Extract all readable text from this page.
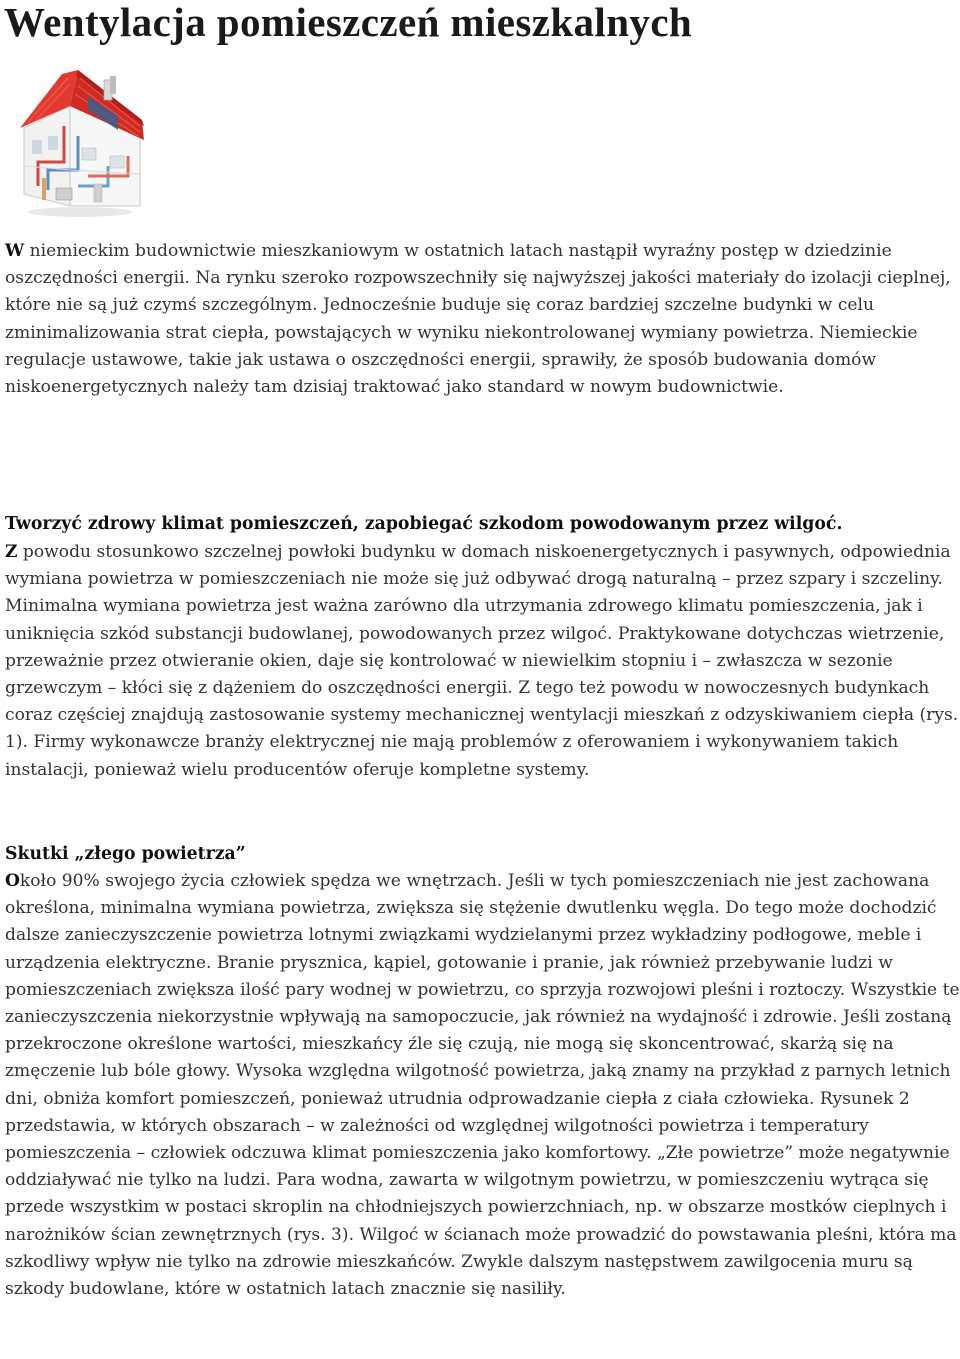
Wentylacja pomieszczeń mieszkalnych

W niemieckim budownictwie mieszkaniowym w ostatnich latach nastąpił wyraźny postęp w dziedzinie oszczędności energii. Na rynku szeroko rozpowszechniły się najwyższej jakości materiały do izolacji cieplnej, które nie są już czymś szczególnym. Jednocześnie buduje się coraz bardziej szczelne budynki w celu zminimalizowania strat ciepła, powstających w wyniku niekontrolowanej wymiany powietrza. Niemieckie regulacje ustawowe, takie jak ustawa o oszczędności energii, sprawiły, że sposób budowania domów niskoenergetycznych należy tam dzisiaj traktować jako standard w nowym budownictwie.

Tworzyć zdrowy klimat pomieszczeń, zapobiegać szkodom powodowanym przez wilgoć.

Z powodu stosunkowo szczelnej powłoki budynku w domach niskoenergetycznych i pasywnych, odpowiednia wymiana powietrza w pomieszczeniach nie może się już odbywać drogą naturalną – przez szpary i szczeliny. Minimalna wymiana powietrza jest ważna zarówno dla utrzymania zdrowego klimatu pomieszczenia, jak i uniknięcia szkód substancji budowlanej, powodowanych przez wilgoć. Praktykowane dotychczas wietrzenie, przeważnie przez otwieranie okien, daje się kontrolować w niewielkim stopniu i – zwłaszcza w sezonie grzewczym – kłóci się z dążeniem do oszczędności energii. Z tego też powodu w nowoczesnych budynkach coraz częściej znajdują zastosowanie systemy mechanicznej wentylacji mieszkań z odzyskiwaniem ciepła (rys. 1). Firmy wykonawcze branży elektrycznej nie mają problemów z oferowaniem i wykonywaniem takich instalacji, ponieważ wielu producentów oferuje kompletne systemy.

Skutki „złego powietrza”

Około 90% swojego życia człowiek spędza we wnętrzach. Jeśli w tych pomieszczeniach nie jest zachowana określona, minimalna wymiana powietrza, zwiększa się stężenie dwutlenku węgla. Do tego może dochodzić dalsze zanieczyszczenie powietrza lotnymi związkami wydzielanymi przez wykładziny podłogowe, meble i urządzenia elektryczne. Branie prysznica, kąpiel, gotowanie i pranie, jak również przebywanie ludzi w pomieszczeniach zwiększa ilość pary wodnej w powietrzu, co sprzyja rozwojowi pleśni i roztoczy. Wszystkie te zanieczyszczenia niekorzystnie wpływają na samopoczucie, jak również na wydajność i zdrowie. Jeśli zostaną przekroczone określone wartości, mieszkańcy źle się czują, nie mogą się skoncentrować, skarżą się na zmęczenie lub bóle głowy. Wysoka względna wilgotność powietrza, jaką znamy na przykład z parnych letnich dni, obniża komfort pomieszczeń, ponieważ utrudnia odprowadzanie ciepła z ciała człowieka. Rysunek 2 przedstawia, w których obszarach – w zależności od względnej wilgotności powietrza i temperatury pomieszczenia – człowiek odczuwa klimat pomieszczenia jako komfortowy. „Złe powietrze” może negatywnie oddziaływać nie tylko na ludzi. Para wodna, zawarta w wilgotnym powietrzu, w pomieszczeniu wytrąca się przede wszystkim w postaci skroplin na chłodniejszych powierzchniach, np. w obszarze mostków cieplnych i narożników ścian zewnętrznych (rys. 3). Wilgoć w ścianach może prowadzić do powstawania pleśni, która ma szkodliwy wpływ nie tylko na zdrowie mieszkańców. Zwykle dalszym następstwem zawilgocenia muru są szkody budowlane, które w ostatnich latach znacznie się nasiliły.
